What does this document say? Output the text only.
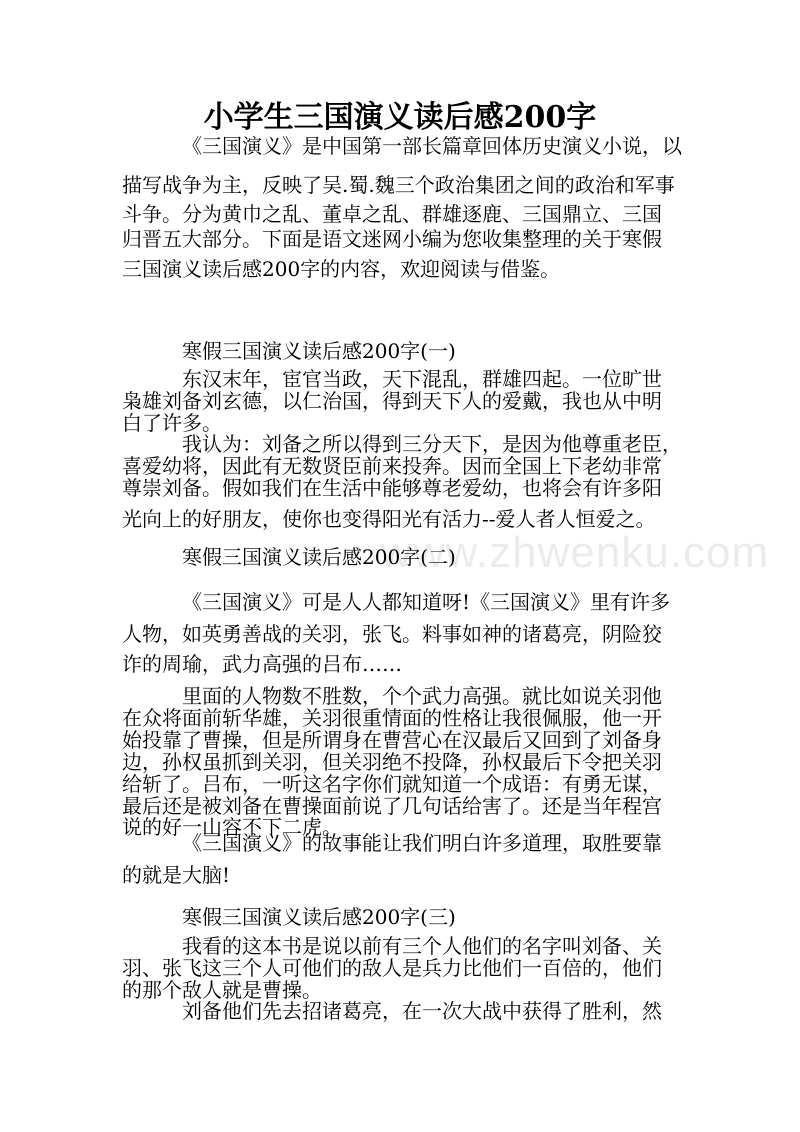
www.zhwenku.com
小学生三国演义读后感200字
《三国演义》是中国第一部长篇章回体历史演义小说，以
描写战争为主，反映了吴.蜀.魏三个政治集团之间的政治和军事
斗争。分为黄巾之乱、董卓之乱、群雄逐鹿、三国鼎立、三国
归晋五大部分。下面是语文迷网小编为您收集整理的关于寒假
三国演义读后感200字的内容，欢迎阅读与借鉴。
寒假三国演义读后感200字(一)
东汉末年，宦官当政，天下混乱，群雄四起。一位旷世
枭雄刘备刘玄德，以仁治国，得到天下人的爱戴，我也从中明
白了许多。
我认为：刘备之所以得到三分天下，是因为他尊重老臣，
喜爱幼将，因此有无数贤臣前来投奔。因而全国上下老幼非常
尊崇刘备。假如我们在生活中能够尊老爱幼，也将会有许多阳
光向上的好朋友，使你也变得阳光有活力--爱人者人恒爱之。
寒假三国演义读后感200字(二)
《三国演义》可是人人都知道呀!《三国演义》里有许多
人物，如英勇善战的关羽，张飞。料事如神的诸葛亮，阴险狡
诈的周瑜，武力高强的吕布……
里面的人物数不胜数，个个武力高强。就比如说关羽他
在众将面前斩华雄，关羽很重情面的性格让我很佩服，他一开
始投靠了曹操，但是所谓身在曹营心在汉最后又回到了刘备身
边，孙权虽抓到关羽，但关羽绝不投降，孙权最后下令把关羽
给斩了。吕布，一听这名字你们就知道一个成语：有勇无谋，
最后还是被刘备在曹操面前说了几句话给害了。还是当年程宫
说的好一山容不下二虎。
《三国演义》的故事能让我们明白许多道理，取胜要靠
的就是大脑!
寒假三国演义读后感200字(三)
我看的这本书是说以前有三个人他们的名字叫刘备、关
羽、张飞这三个人可他们的敌人是兵力比他们一百倍的，他们
的那个敌人就是曹操。
刘备他们先去招诸葛亮，在一次大战中获得了胜利，然
